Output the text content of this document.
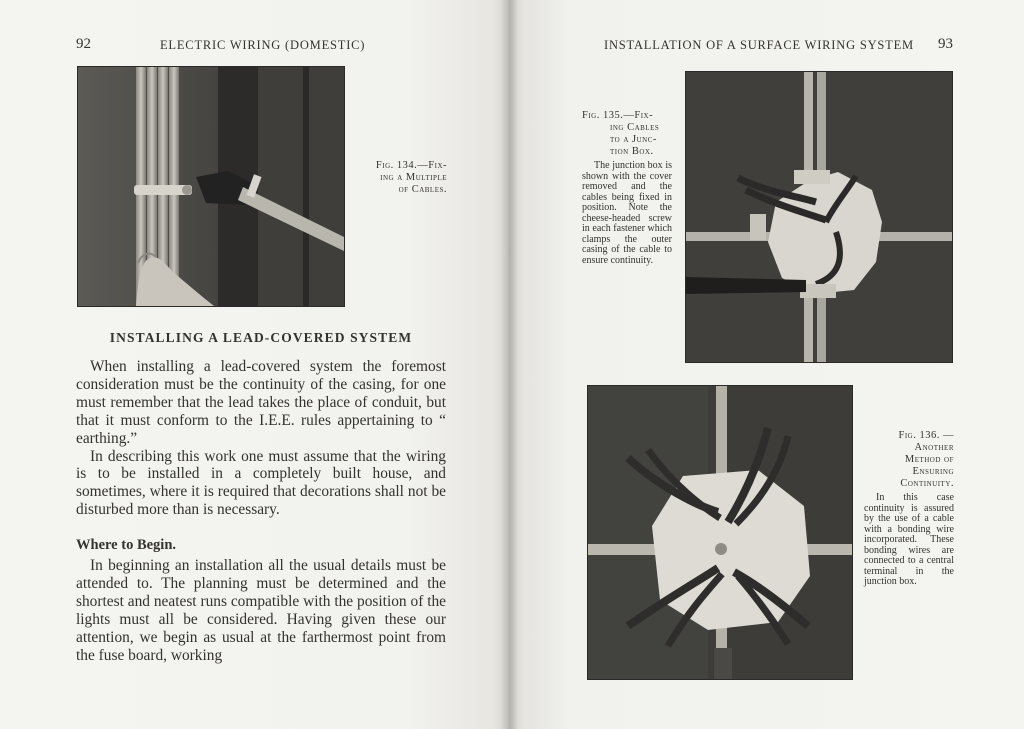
92	ELECTRIC WIRING (DOMESTIC)
Fig. 134.—Fix-
ing a Multiple
of Cables.
INSTALLING A LEAD-COVERED SYSTEM

When installing a lead-covered system the foremost consideration must be the continuity of the casing, for one must remember that the lead takes the place of conduit, but that it must conform to the I.E.E. rules appertaining to “ earthing.”

In describing this work one must assume that the wiring is to be installed in a completely built house, and sometimes, where it is required that decorations shall not be disturbed more than is necessary.

Where to Begin.

In beginning an installation all the usual details must be attended to. The planning must be determined and the shortest and neatest runs compatible with the position of the lights must all be considered. Having given these our attention, we begin as usual at the farthermost point from the fuse board, working

INSTALLATION OF A SURFACE WIRING SYSTEM 93
Fig. 135.—Fix-
ing Cables
to a Junc-
tion Box.
The junction box is shown with the cover removed and the cables being fixed in position. Note the cheese-headed screw in each fastener which clamps the outer casing of the cable to ensure continuity.
Fig. 136. —
Another
Method of
Ensuring
Continuity.
In this case continuity is assured by the use of a cable with a bonding wire incorporated. These bonding wires are connected to a central terminal in the junction box.
